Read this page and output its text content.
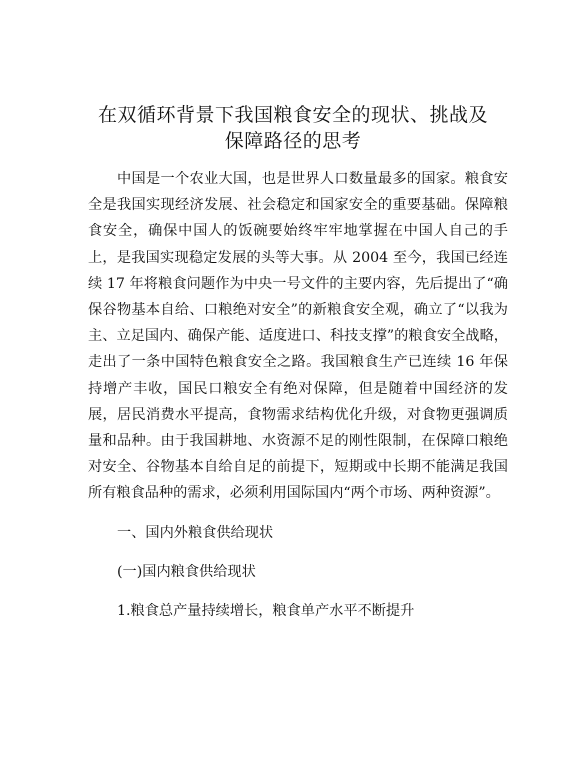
在双循环背景下我国粮食安全的现状、挑战及
保障路径的思考

中国是一个农业大国，也是世界人口数量最多的国家。粮食安全是我国实现经济发展、社会稳定和国家安全的重要基础。保障粮食安全，确保中国人的饭碗要始终牢牢地掌握在中国人自己的手上，是我国实现稳定发展的头等大事。从 2004 至今，我国已经连续 17 年将粮食问题作为中央一号文件的主要内容，先后提出了“确保谷物基本自给、口粮绝对安全”的新粮食安全观，确立了“以我为主、立足国内、确保产能、适度进口、科技支撑”的粮食安全战略，走出了一条中国特色粮食安全之路。我国粮食生产已连续 16 年保持增产丰收，国民口粮安全有绝对保障，但是随着中国经济的发展，居民消费水平提高，食物需求结构优化升级，对食物更强调质量和品种。由于我国耕地、水资源不足的刚性限制，在保障口粮绝对安全、谷物基本自给自足的前提下，短期或中长期不能满足我国所有粮食品种的需求，必须利用国际国内“两个市场、两种资源”。

一、国内外粮食供给现状

(一)国内粮食供给现状

1.粮食总产量持续增长，粮食单产水平不断提升
